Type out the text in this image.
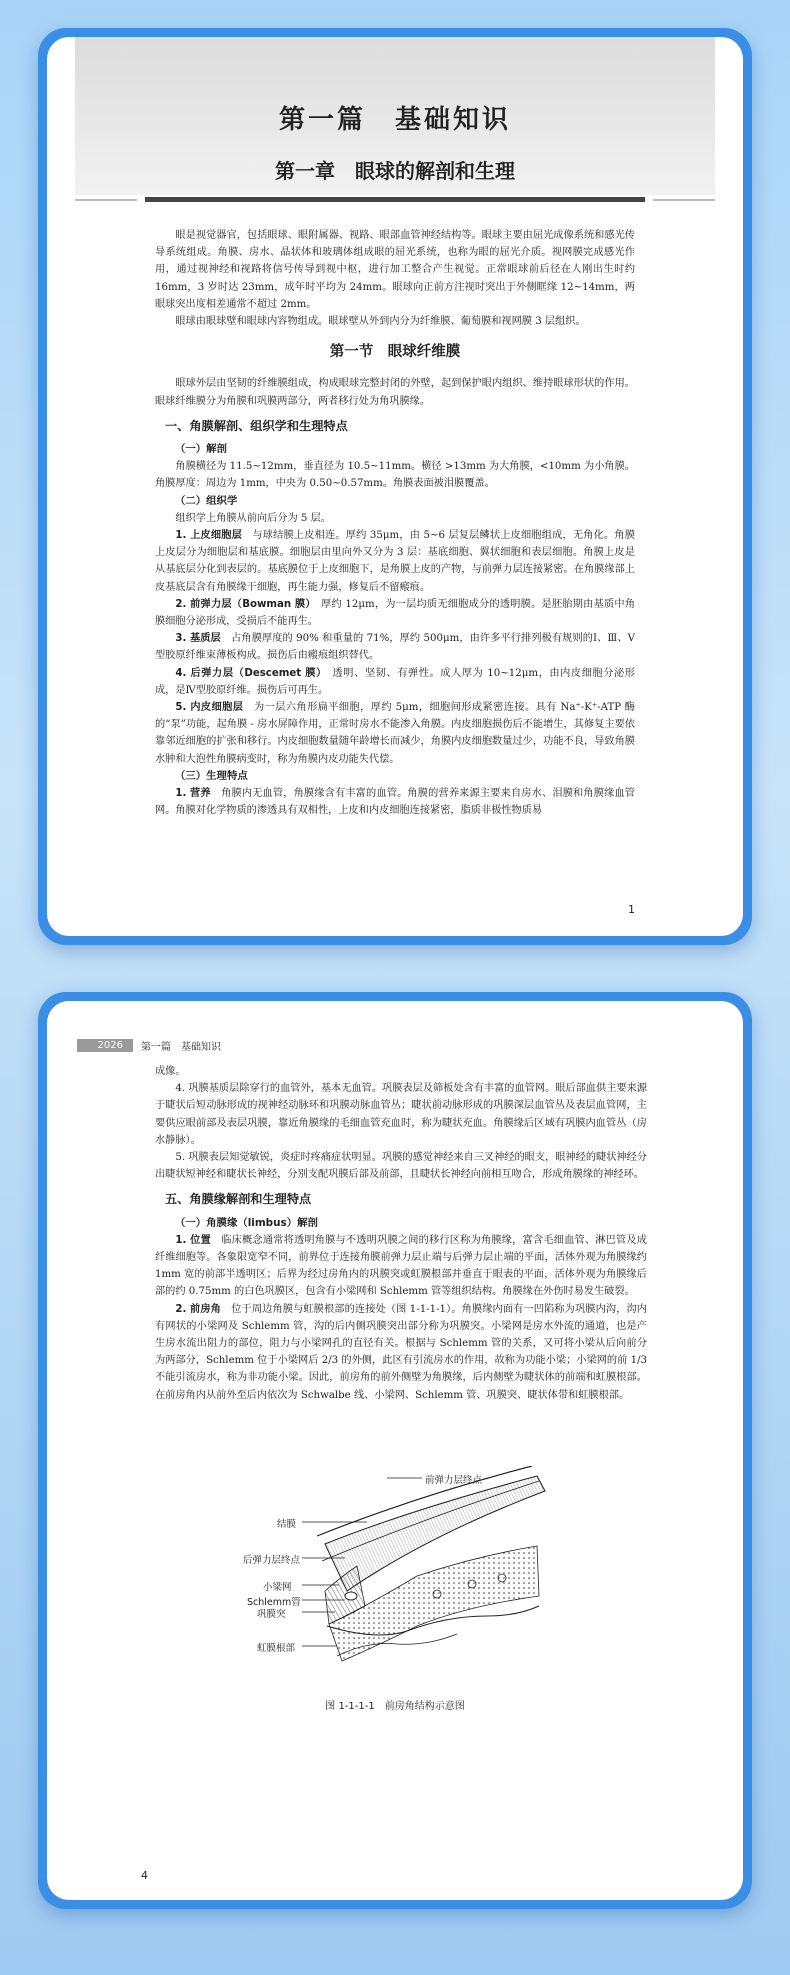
第一篇　基础知识
第一章　眼球的解剖和生理

眼是视觉器官，包括眼球、眼附属器、视路、眼部血管神经结构等。眼球主要由屈光成像系统和感光传导系统组成。角膜、房水、晶状体和玻璃体组成眼的屈光系统，也称为眼的屈光介质。视网膜完成感光作用，通过视神经和视路将信号传导到视中枢，进行加工整合产生视觉。正常眼球前后径在人刚出生时约 16mm，3 岁时达 23mm，成年时平均为 24mm。眼球向正前方注视时突出于外侧眶缘 12~14mm，两眼球突出度相差通常不超过 2mm。

眼球由眼球壁和眼球内容物组成。眼球壁从外到内分为纤维膜、葡萄膜和视网膜 3 层组织。

第一节　眼球纤维膜

眼球外层由坚韧的纤维膜组成，构成眼球完整封闭的外壁，起到保护眼内组织、维持眼球形状的作用。眼球纤维膜分为角膜和巩膜两部分，两者移行处为角巩膜缘。

一、角膜解剖、组织学和生理特点
（一）解剖

角膜横径为 11.5~12mm，垂直径为 10.5~11mm。横径 >13mm 为大角膜，<10mm 为小角膜。角膜厚度：周边为 1mm，中央为 0.50~0.57mm。角膜表面被泪膜覆盖。

（二）组织学

组织学上角膜从前向后分为 5 层。

1. 上皮细胞层　与球结膜上皮相连。厚约 35μm，由 5~6 层复层鳞状上皮细胞组成，无角化。角膜上皮层分为细胞层和基底膜。细胞层由里向外又分为 3 层：基底细胞、翼状细胞和表层细胞。角膜上皮是从基底层分化到表层的。基底膜位于上皮细胞下，是角膜上皮的产物，与前弹力层连接紧密。在角膜缘部上皮基底层含有角膜缘干细胞，再生能力强，修复后不留瘢痕。

2. 前弹力层（Bowman 膜）　厚约 12μm，为一层均质无细胞成分的透明膜。是胚胎期由基质中角膜细胞分泌形成，受损后不能再生。

3. 基质层　占角膜厚度的 90% 和重量的 71%，厚约 500μm，由许多平行排列极有规则的Ⅰ、Ⅲ、Ⅴ型胶原纤维束薄板构成。损伤后由瘢痕组织替代。

4. 后弹力层（Descemet 膜）　透明、坚韧、有弹性。成人厚为 10~12μm，由内皮细胞分泌形成，是Ⅳ型胶原纤维。损伤后可再生。

5. 内皮细胞层　为一层六角形扁平细胞，厚约 5μm，细胞间形成紧密连接。具有 Na⁺-K⁺-ATP 酶的“泵”功能，起角膜 - 房水屏障作用，正常时房水不能渗入角膜。内皮细胞损伤后不能增生，其修复主要依靠邻近细胞的扩张和移行。内皮细胞数量随年龄增长而减少，角膜内皮细胞数量过少，功能不良，导致角膜水肿和大泡性角膜病变时，称为角膜内皮功能失代偿。

（三）生理特点

1. 营养　角膜内无血管，角膜缘含有丰富的血管。角膜的营养来源主要来自房水、泪膜和角膜缘血管网。角膜对化学物质的渗透具有双相性，上皮和内皮细胞连接紧密，脂质非极性物质易

1
2026	第一篇　基础知识

成像。

4. 巩膜基质层除穿行的血管外，基本无血管。巩膜表层及筛板处含有丰富的血管网。眼后部血供主要来源于睫状后短动脉形成的视神经动脉环和巩膜动脉血管丛；睫状前动脉形成的巩膜深层血管丛及表层血管网，主要供应眼前部及表层巩膜，靠近角膜缘的毛细血管充血时，称为睫状充血。角膜缘后区域有巩膜内血管丛（房水静脉）。

5. 巩膜表层知觉敏锐，炎症时疼痛症状明显。巩膜的感觉神经来自三叉神经的眼支，眼神经的睫状神经分出睫状短神经和睫状长神经，分别支配巩膜后部及前部，且睫状长神经向前相互吻合，形成角膜缘的神经环。

五、角膜缘解剖和生理特点
（一）角膜缘（limbus）解剖

1. 位置　临床概念通常将透明角膜与不透明巩膜之间的移行区称为角膜缘，富含毛细血管、淋巴管及成纤维细胞等。各象限宽窄不同，前界位于连接角膜前弹力层止端与后弹力层止端的平面，活体外观为角膜缘约 1mm 宽的前部半透明区；后界为经过房角内的巩膜突或虹膜根部并垂直于眼表的平面，活体外观为角膜缘后部的约 0.75mm 的白色巩膜区，包含有小梁网和 Schlemm 管等组织结构。角膜缘在外伤时易发生破裂。

2. 前房角　位于周边角膜与虹膜根部的连接处（图 1-1-1-1）。角膜缘内面有一凹陷称为巩膜内沟，沟内有网状的小梁网及 Schlemm 管，沟的后内侧巩膜突出部分称为巩膜突。小梁网是房水外流的通道，也是产生房水流出阻力的部位，阻力与小梁网孔的直径有关。根据与 Schlemm 管的关系，又可将小梁从后向前分为两部分，Schlemm 位于小梁网后 2/3 的外侧，此区有引流房水的作用，故称为功能小梁；小梁网的前 1/3 不能引流房水，称为非功能小梁。因此，前房角的前外侧壁为角膜缘，后内侧壁为睫状体的前端和虹膜根部。在前房角内从前外至后内依次为 Schwalbe 线、小梁网、Schlemm 管、巩膜突、睫状体带和虹膜根部。

前弹力层终点
结膜
后弹力层终点
小梁网
Schlemm管
巩膜突
虹膜根部
图 1-1-1-1　前房角结构示意图
4
